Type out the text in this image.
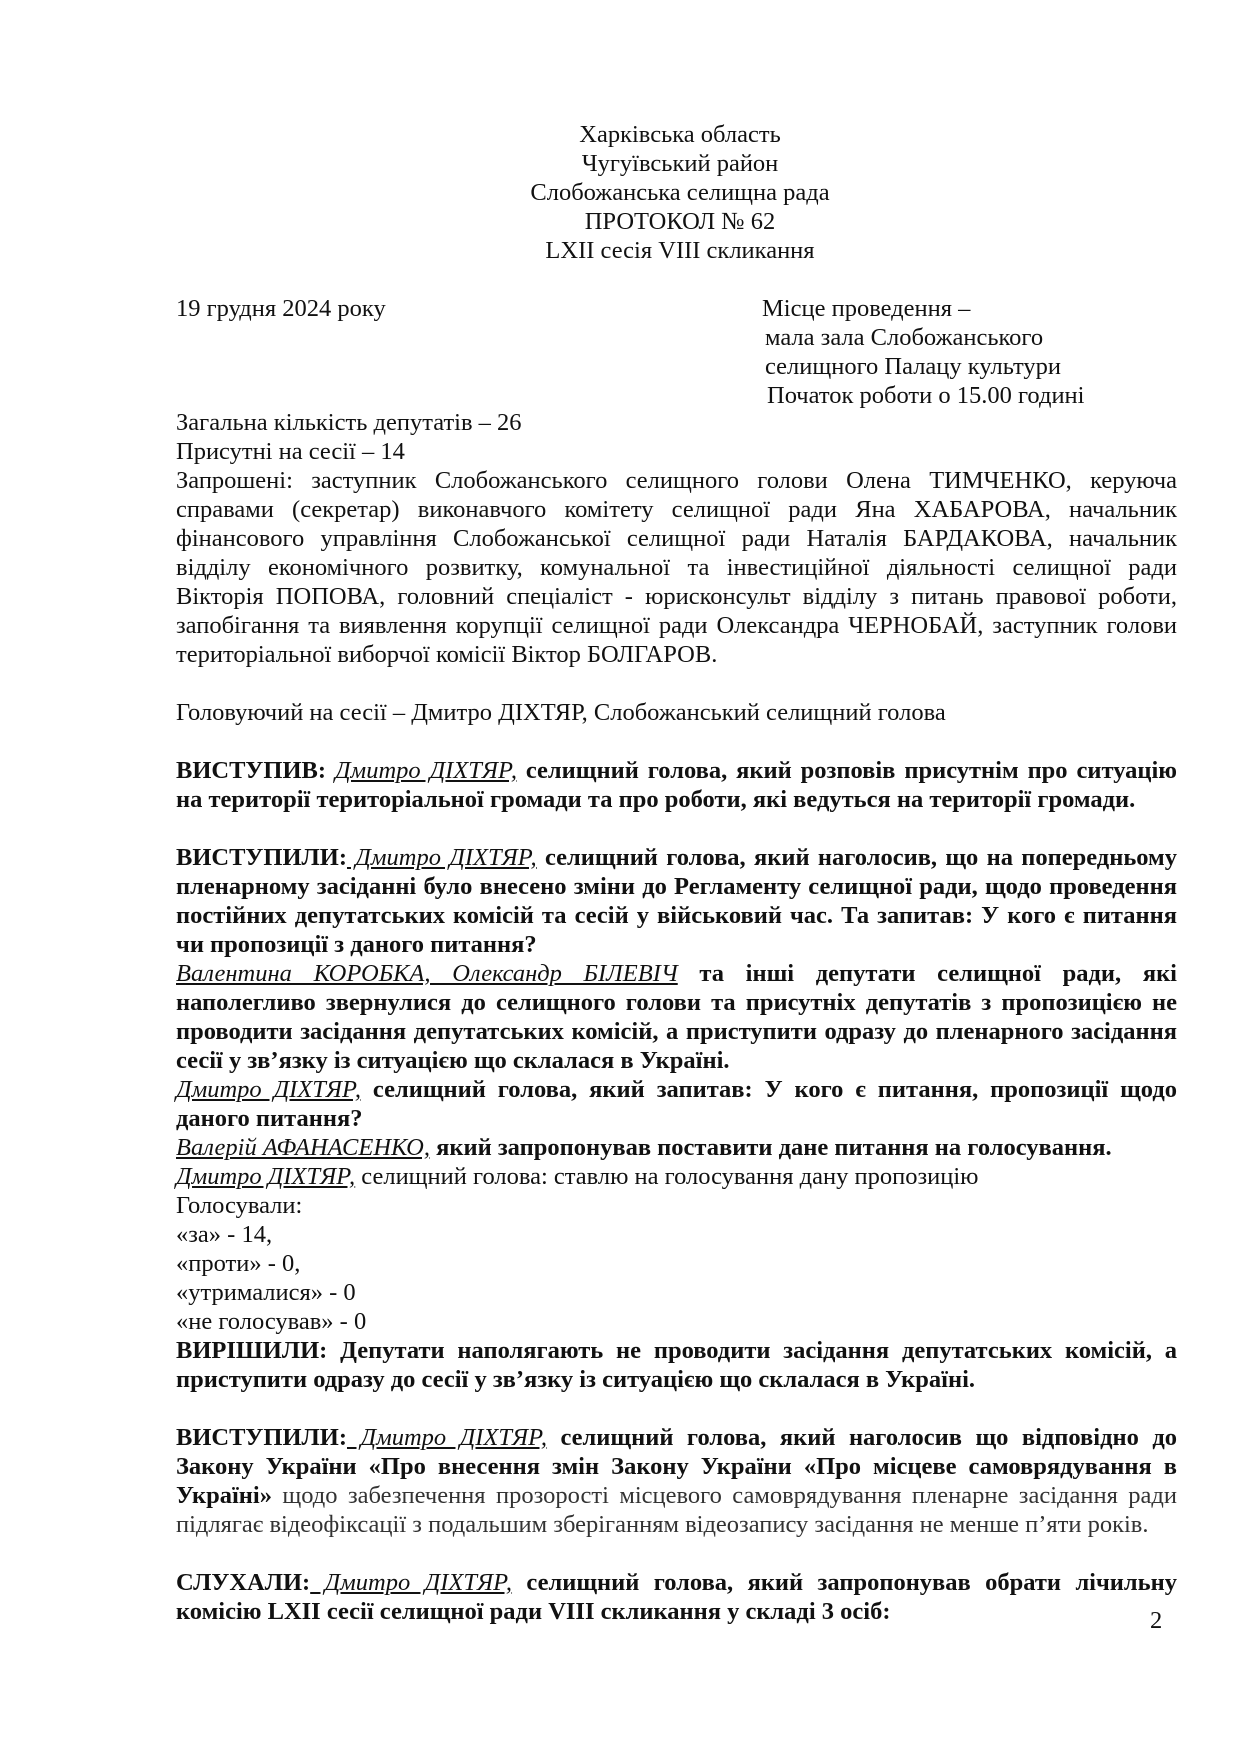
Харківська область
Чугуївський район
Слобожанська селищна рада
ПРОТОКОЛ № 62
LXII сесія VIII скликання
19 грудня 2024 року	Місце проведення –
мала зала Слобожанського
селищного Палацу культури
Початок роботи о 15.00 годині
Загальна кількість депутатів – 26
Присутні на сесії – 14
Запрошені: заступник Слобожанського селищного голови Олена ТИМЧЕНКО, керуюча справами (секретар) виконавчого комітету селищної ради Яна ХАБАРОВА, начальник фінансового управління Слобожанської селищної ради Наталія БАРДАКОВА, начальник відділу економічного розвитку, комунальної та інвестиційної діяльності селищної ради Вікторія ПОПОВА, головний спеціаліст - юрисконсульт відділу з питань правової роботи, запобігання та виявлення корупції селищної ради Олександра ЧЕРНОБАЙ, заступник голови територіальної виборчої комісії Віктор БОЛГАРОВ.
Головуючий на сесії – Дмитро ДІХТЯР, Слобожанський селищний голова
ВИСТУПИВ: Дмитро ДІХТЯР, селищний голова, який розповів присутнім про ситуацію на території територіальної громади та про роботи, які ведуться на території громади.
ВИСТУПИЛИ: Дмитро ДІХТЯР, селищний голова, який наголосив, що на попередньому пленарному засіданні було внесено зміни до Регламенту селищної ради, щодо проведення постійних депутатських комісій та сесій у військовий час. Та запитав: У кого є питання чи пропозиції з даного питання?
Валентина КОРОБКА, Олександр БІЛЕВІЧ та інші депутати селищної ради, які наполегливо звернулися до селищного голови та присутніх депутатів з пропозицією не проводити засідання депутатських комісій, а приступити одразу до пленарного засідання сесії у зв’язку із ситуацією що склалася в Україні.
Дмитро ДІХТЯР, селищний голова, який запитав: У кого є питання, пропозиції щодо даного питання?
Валерій АФАНАСЕНКО, який запропонував поставити дане питання на голосування.
Дмитро ДІХТЯР, селищний голова: ставлю на голосування дану пропозицію
Голосували:
«за» - 14,
«проти» - 0,
«утрималися» - 0
«не голосував» - 0
ВИРІШИЛИ: Депутати наполягають не проводити засідання депутатських комісій, а приступити одразу до сесії у зв’язку із ситуацією що склалася в Україні.
ВИСТУПИЛИ: Дмитро ДІХТЯР, селищний голова, який наголосив що відповідно до Закону України «Про внесення змін Закону України «Про місцеве самоврядування в Україні» щодо забезпечення прозорості місцевого самоврядування пленарне засідання ради підлягає відеофіксації з подальшим зберіганням відеозапису засідання не менше п’яти років.
СЛУХАЛИ: Дмитро ДІХТЯР, селищний голова, який запропонував обрати лічильну комісію LXII сесії селищної ради VIII скликання у складі 3 осіб:	2
